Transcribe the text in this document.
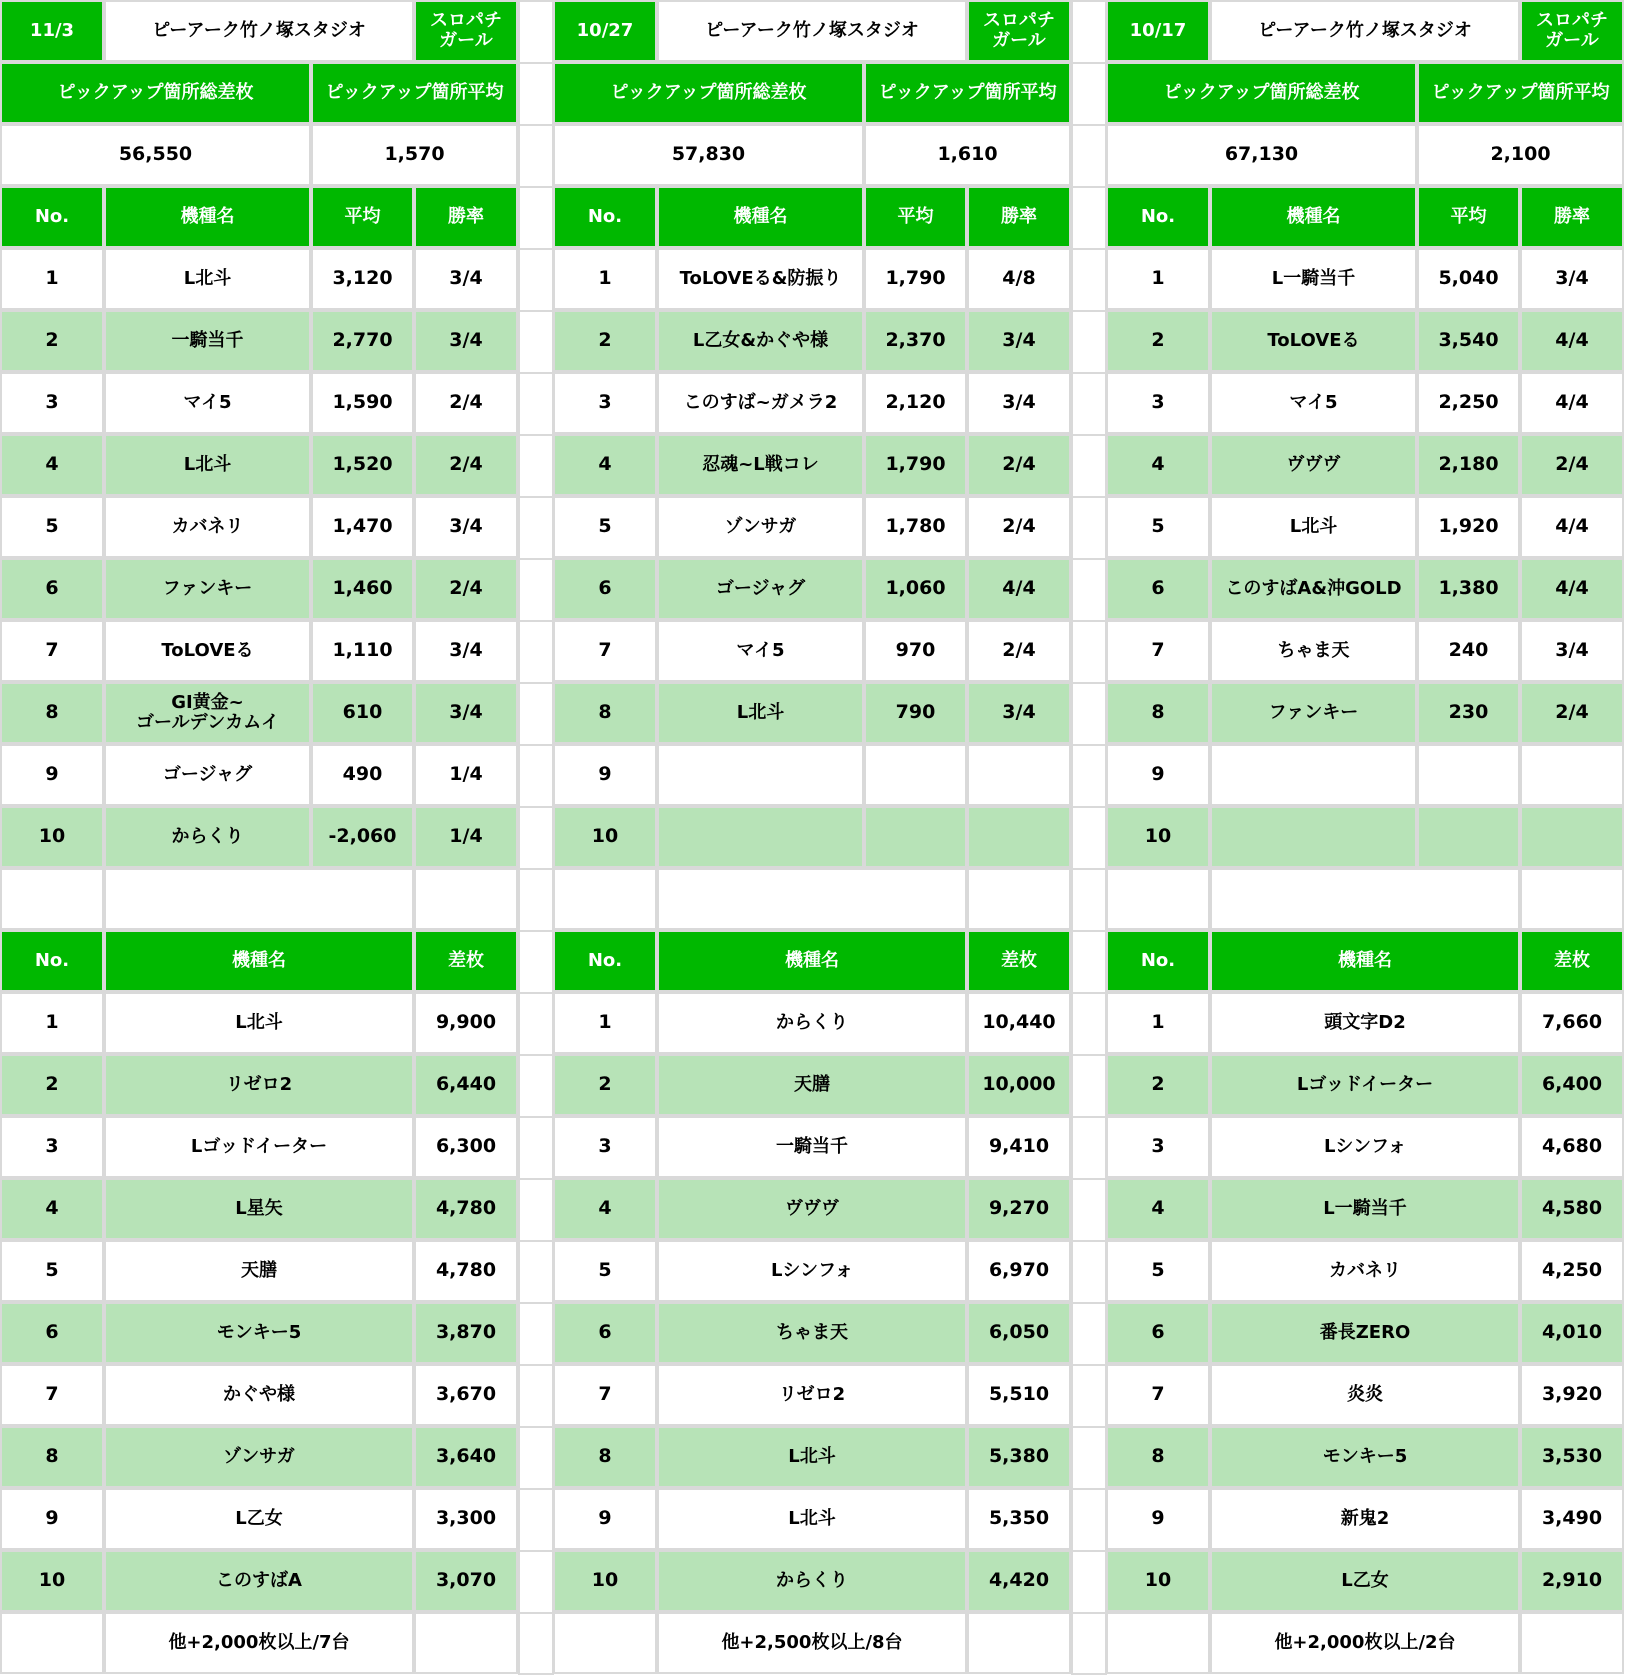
11/3	ピーアーク竹ノ塚スタジオ	スロパチ
ガール
ピックアップ箇所総差枚	ピックアップ箇所平均
56,550	1,570
No.	機種名	平均	勝率
1	L北斗	3,120	3/4
2	一騎当千	2,770	3/4
3	マイ5	1,590	2/4
4	L北斗	1,520	2/4
5	カバネリ	1,470	3/4
6	ファンキー	1,460	2/4
7	ToLOVEる	1,110	3/4
8	GI黄金~
ゴールデンカムイ	610	3/4
9	ゴージャグ	490	1/4
10	からくり	-2,060	1/4
No.	機種名	差枚
1	L北斗	9,900
2	リゼロ2	6,440
3	Lゴッドイーター	6,300
4	L星矢	4,780
5	天膳	4,780
6	モンキー5	3,870
7	かぐや様	3,670
8	ゾンサガ	3,640
9	L乙女	3,300
10	このすばA	3,070
他+2,000枚以上/7台
10/27	ピーアーク竹ノ塚スタジオ	スロパチ
ガール
ピックアップ箇所総差枚	ピックアップ箇所平均
57,830	1,610
No.	機種名	平均	勝率
1	ToLOVEる&防振り	1,790	4/8
2	L乙女&かぐや様	2,370	3/4
3	このすば~ガメラ2	2,120	3/4
4	忍魂~L戦コレ	1,790	2/4
5	ゾンサガ	1,780	2/4
6	ゴージャグ	1,060	4/4
7	マイ5	970	2/4
8	L北斗	790	3/4
9
10
No.	機種名	差枚
1	からくり	10,440
2	天膳	10,000
3	一騎当千	9,410
4	ヴヴヴ	9,270
5	Lシンフォ	6,970
6	ちゃま天	6,050
7	リゼロ2	5,510
8	L北斗	5,380
9	L北斗	5,350
10	からくり	4,420
他+2,500枚以上/8台
10/17	ピーアーク竹ノ塚スタジオ	スロパチ
ガール
ピックアップ箇所総差枚	ピックアップ箇所平均
67,130	2,100
No.	機種名	平均	勝率
1	L一騎当千	5,040	3/4
2	ToLOVEる	3,540	4/4
3	マイ5	2,250	4/4
4	ヴヴヴ	2,180	2/4
5	L北斗	1,920	4/4
6	このすばA&沖GOLD	1,380	4/4
7	ちゃま天	240	3/4
8	ファンキー	230	2/4
9
10
No.	機種名	差枚
1	頭文字D2	7,660
2	Lゴッドイーター	6,400
3	Lシンフォ	4,680
4	L一騎当千	4,580
5	カバネリ	4,250
6	番長ZERO	4,010
7	炎炎	3,920
8	モンキー5	3,530
9	新鬼2	3,490
10	L乙女	2,910
他+2,000枚以上/2台
